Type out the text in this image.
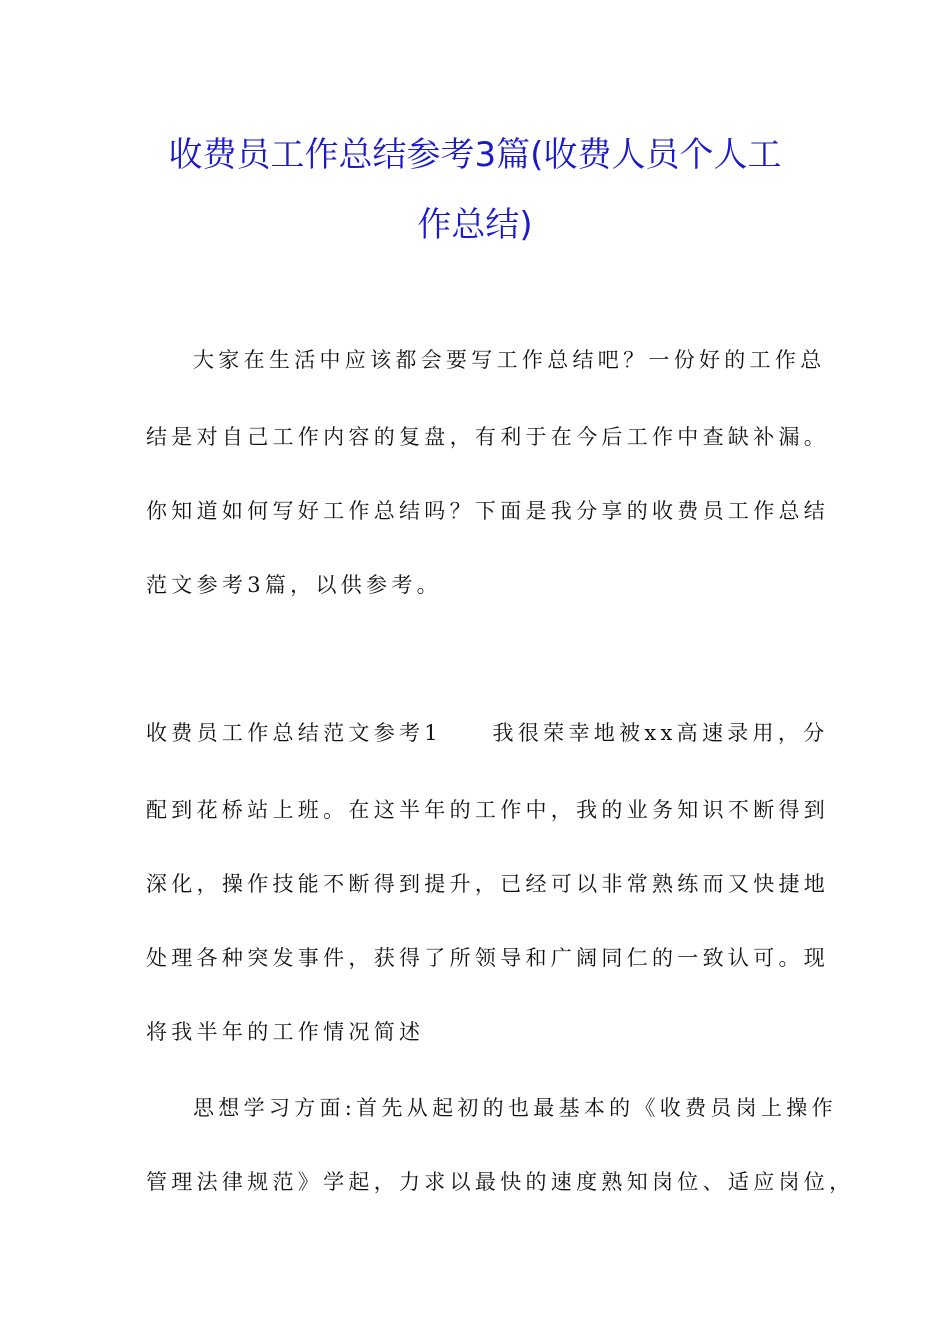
收费员工作总结参考3篇(收费人员个人工
作总结)
大家在生活中应该都会要写工作总结吧？一份好的工作总
结是对自己工作内容的复盘，有利于在今后工作中查缺补漏。
你知道如何写好工作总结吗？下面是我分享的收费员工作总结
范文参考3篇，以供参考。
收费员工作总结范文参考1　　我很荣幸地被xx高速录用，分
配到花桥站上班。在这半年的工作中，我的业务知识不断得到
深化，操作技能不断得到提升，已经可以非常熟练而又快捷地
处理各种突发事件，获得了所领导和广阔同仁的一致认可。现
将我半年的工作情况简述
思想学习方面:首先从起初的也最基本的《收费员岗上操作
管理法律规范》学起，力求以最快的速度熟知岗位、适应岗位，
